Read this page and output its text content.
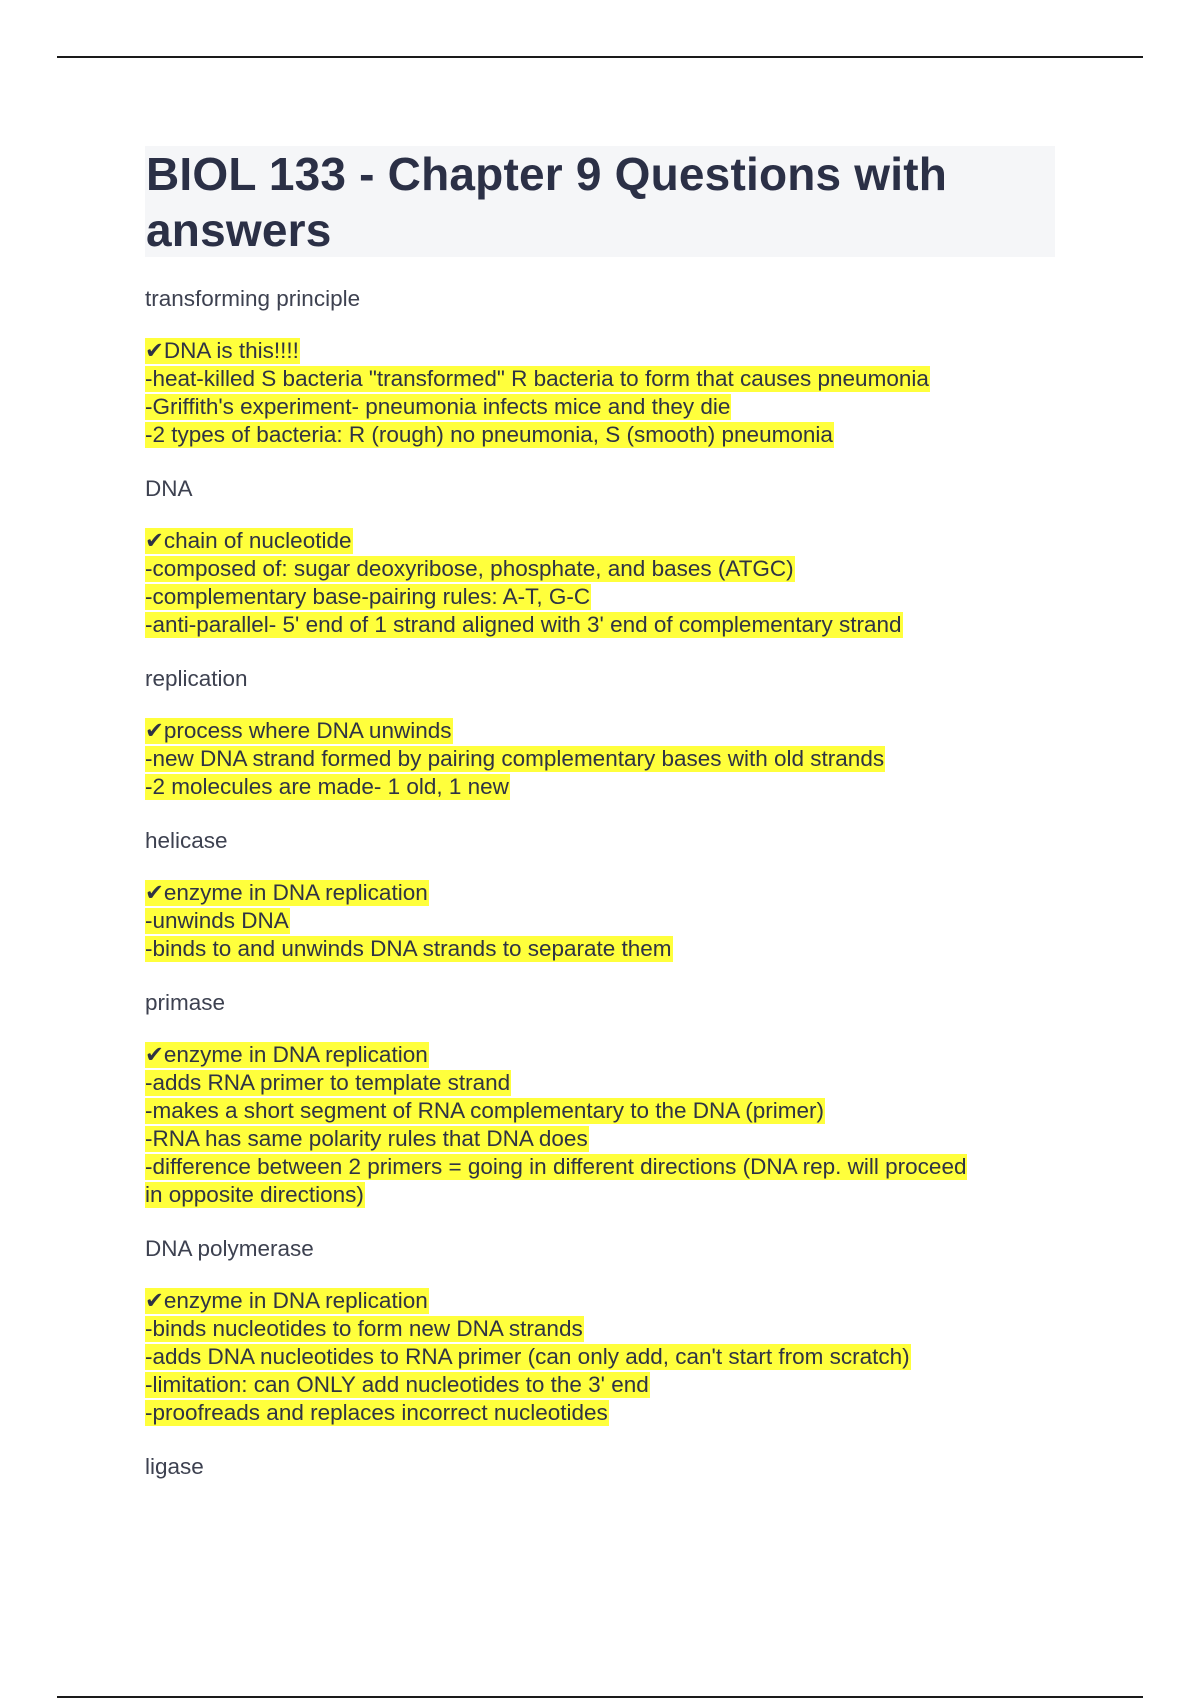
BIOL 133 - Chapter 9 Questions with answers
transforming principle
✔DNA is this!!!!
-heat-killed S bacteria "transformed" R bacteria to form that causes pneumonia
-Griffith's experiment- pneumonia infects mice and they die
-2 types of bacteria: R (rough) no pneumonia, S (smooth) pneumonia
DNA
✔chain of nucleotide
-composed of: sugar deoxyribose, phosphate, and bases (ATGC)
-complementary base-pairing rules: A-T, G-C
-anti-parallel- 5' end of 1 strand aligned with 3' end of complementary strand
replication
✔process where DNA unwinds
-new DNA strand formed by pairing complementary bases with old strands
-2 molecules are made- 1 old, 1 new
helicase
✔enzyme in DNA replication
-unwinds DNA
-binds to and unwinds DNA strands to separate them
primase
✔enzyme in DNA replication
-adds RNA primer to template strand
-makes a short segment of RNA complementary to the DNA (primer)
-RNA has same polarity rules that DNA does
-difference between 2 primers = going in different directions (DNA rep. will proceed
in opposite directions)
DNA polymerase
✔enzyme in DNA replication
-binds nucleotides to form new DNA strands
-adds DNA nucleotides to RNA primer (can only add, can't start from scratch)
-limitation: can ONLY add nucleotides to the 3' end
-proofreads and replaces incorrect nucleotides
ligase
